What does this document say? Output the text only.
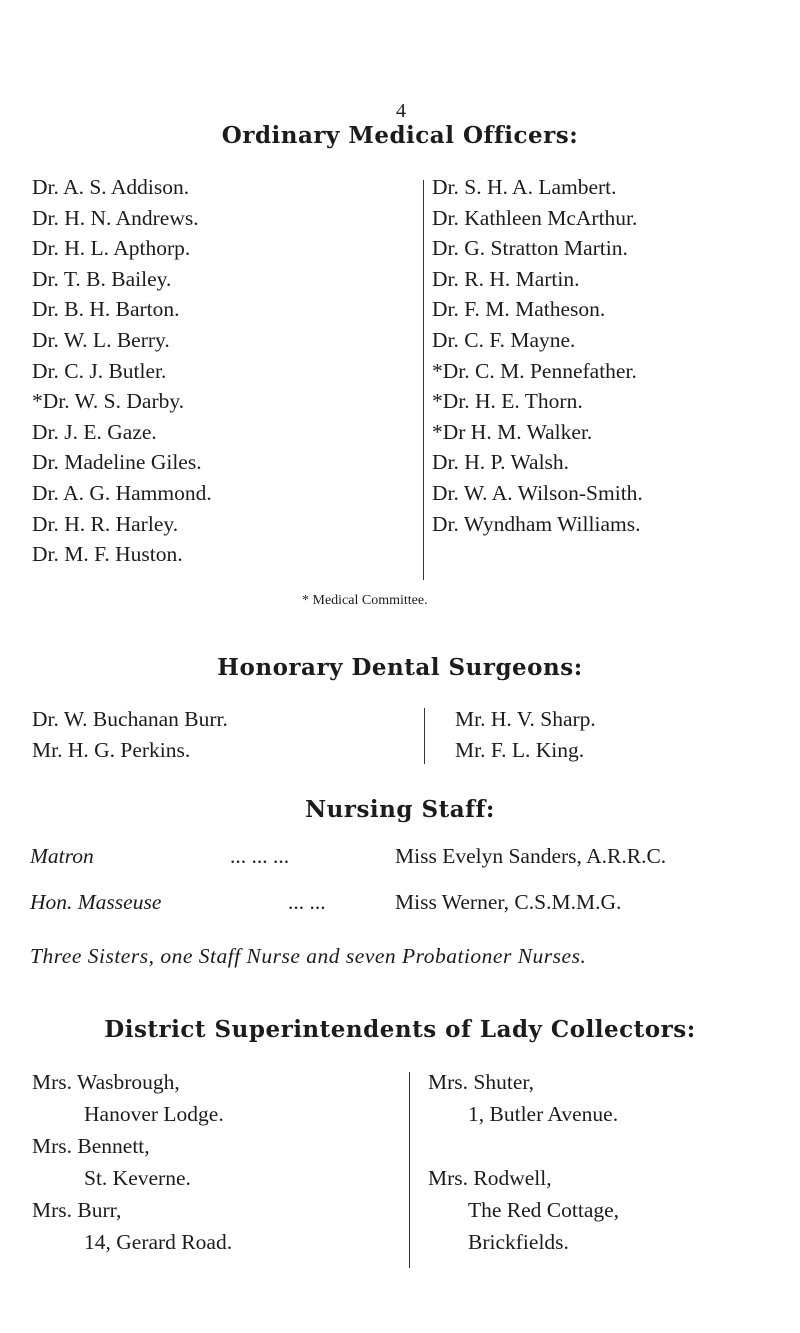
4
Ordinary Medical Officers:
Dr. A. S. Addison.
Dr. H. N. Andrews.
Dr. H. L. Apthorp.
Dr. T. B. Bailey.
Dr. B. H. Barton.
Dr. W. L. Berry.
Dr. C. J. Butler.
*Dr. W. S. Darby.
Dr. J. E. Gaze.
Dr. Madeline Giles.
Dr. A. G. Hammond.
Dr. H. R. Harley.
Dr. M. F. Huston.
Dr. S. H. A. Lambert.
Dr. Kathleen McArthur.
Dr. G. Stratton Martin.
Dr. R. H. Martin.
Dr. F. M. Matheson.
Dr. C. F. Mayne.
*Dr. C. M. Pennefather.
*Dr. H. E. Thorn.
*Dr H. M. Walker.
Dr. H. P. Walsh.
Dr. W. A. Wilson-Smith.
Dr. Wyndham Williams.
* Medical Committee.
Honorary Dental Surgeons:
Dr. W. Buchanan Burr.
Mr. H. G. Perkins.
Mr. H. V. Sharp.
Mr. F. L. King.
Nursing Staff:
Matron	... ... ...	Miss Evelyn Sanders, A.R.R.C.
Hon. Masseuse	... ...	Miss Werner, C.S.M.M.G.
Three Sisters, one Staff Nurse and seven Probationer Nurses.
District Superintendents of Lady Collectors:
Mrs. Wasbrough,
Hanover Lodge.
Mrs. Bennett,
St. Keverne.
Mrs. Burr,
14, Gerard Road.
Mrs. Shuter,
1, Butler Avenue.
Mrs. Rodwell,
The Red Cottage,
Brickfields.
